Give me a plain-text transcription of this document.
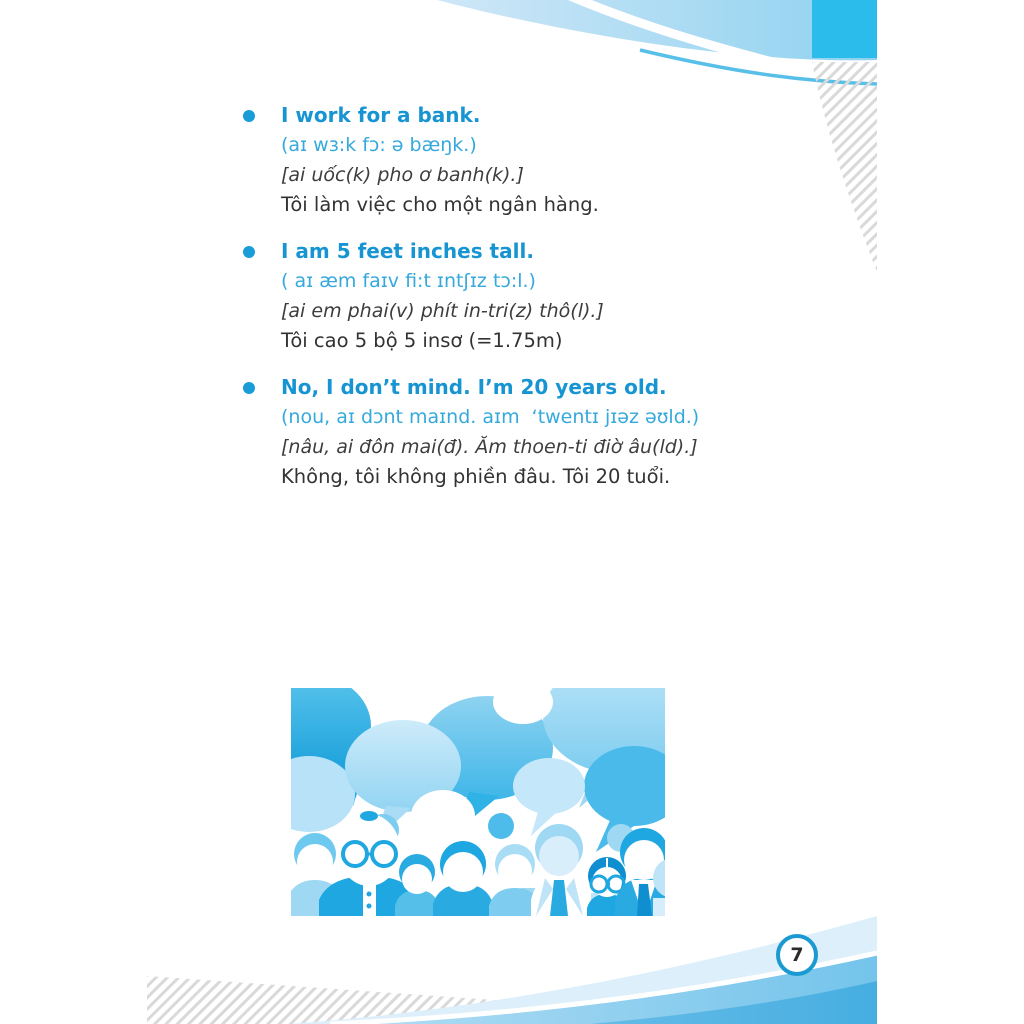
I work for a bank.
(aɪ wɜ:k fɔ: ə bæŋk.)
[ai uốc(k) pho ơ banh(k).]
Tôi làm việc cho một ngân hàng.
I am 5 feet inches tall.
( aɪ æm faɪv fi:t ɪntʃɪz tɔ:l.)
[ai em phai(v) phít in-tri(z) thô(l).]
Tôi cao 5 bộ 5 insơ (=1.75m)
No, I don’t mind. I’m 20 years old.
(nou, aɪ dɔnt maɪnd. aɪm  ‘twentɪ jɪəz əʊld.)
[nâu, ai đôn mai(đ). Ăm thoen-ti điờ âu(ld).]
Không, tôi không phiền đâu. Tôi 20 tuổi.
7
